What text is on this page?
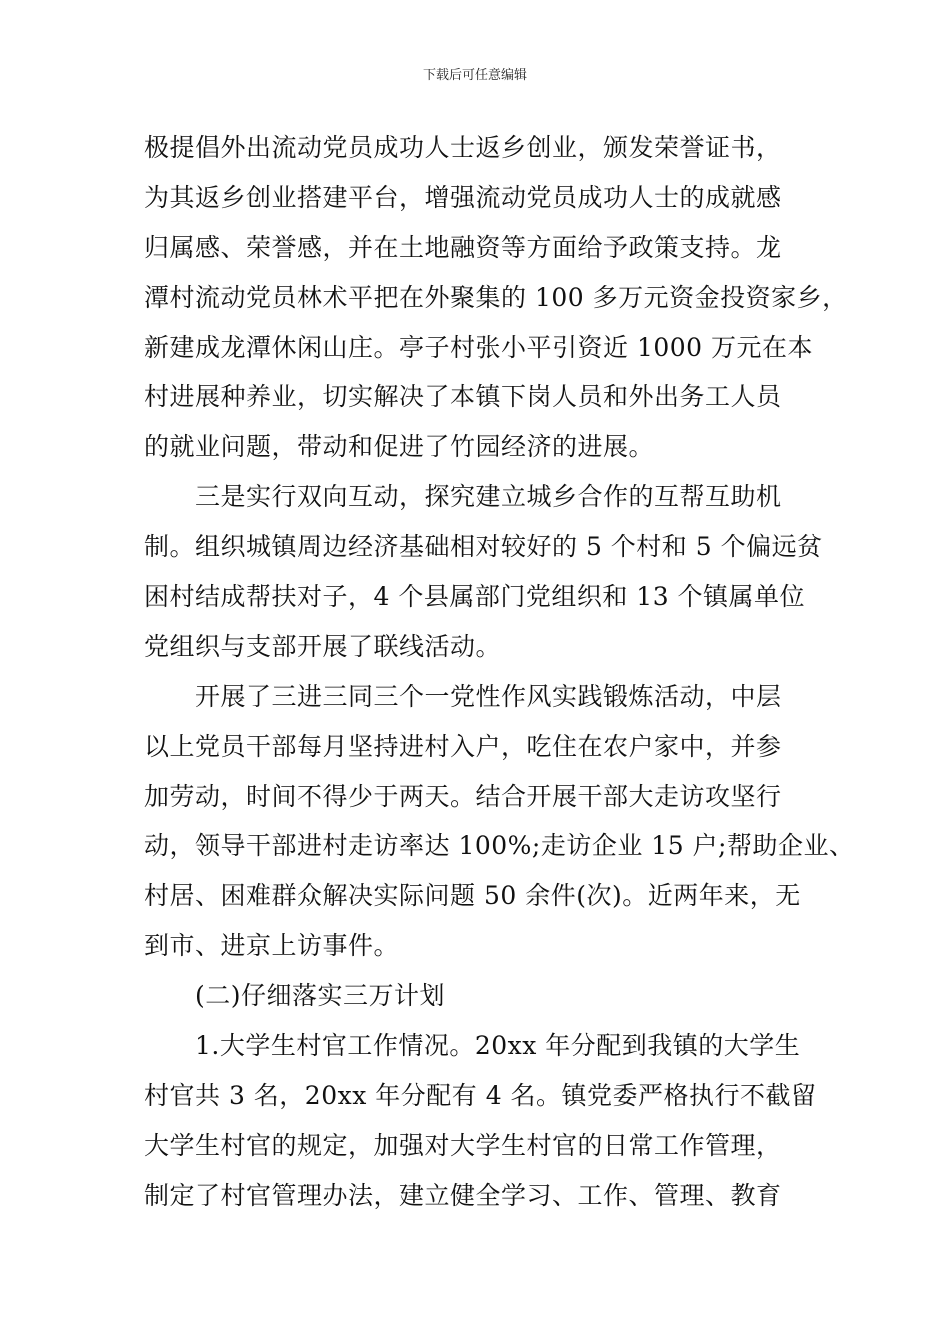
下载后可任意编辑
极提倡外出流动党员成功人士返乡创业，颁发荣誉证书，
为其返乡创业搭建平台，增强流动党员成功人士的成就感
归属感、荣誉感，并在土地融资等方面给予政策支持。龙
潭村流动党员林术平把在外聚集的 100 多万元资金投资家乡，
新建成龙潭休闲山庄。亭子村张小平引资近 1000 万元在本
村进展种养业，切实解决了本镇下岗人员和外出务工人员
的就业问题，带动和促进了竹园经济的进展。
　　三是实行双向互动，探究建立城乡合作的互帮互助机
制。组织城镇周边经济基础相对较好的 5 个村和 5 个偏远贫
困村结成帮扶对子，4 个县属部门党组织和 13 个镇属单位
党组织与支部开展了联线活动。
　　开展了三进三同三个一党性作风实践锻炼活动，中层
以上党员干部每月坚持进村入户，吃住在农户家中，并参
加劳动，时间不得少于两天。结合开展干部大走访攻坚行
动，领导干部进村走访率达 100%;走访企业 15 户;帮助企业、
村居、困难群众解决实际问题 50 余件(次)。近两年来，无
到市、进京上访事件。
　　(二)仔细落实三万计划
　　1.大学生村官工作情况。20xx 年分配到我镇的大学生
村官共 3 名，20xx 年分配有 4 名。镇党委严格执行不截留
大学生村官的规定，加强对大学生村官的日常工作管理，
制定了村官管理办法，建立健全学习、工作、管理、教育
